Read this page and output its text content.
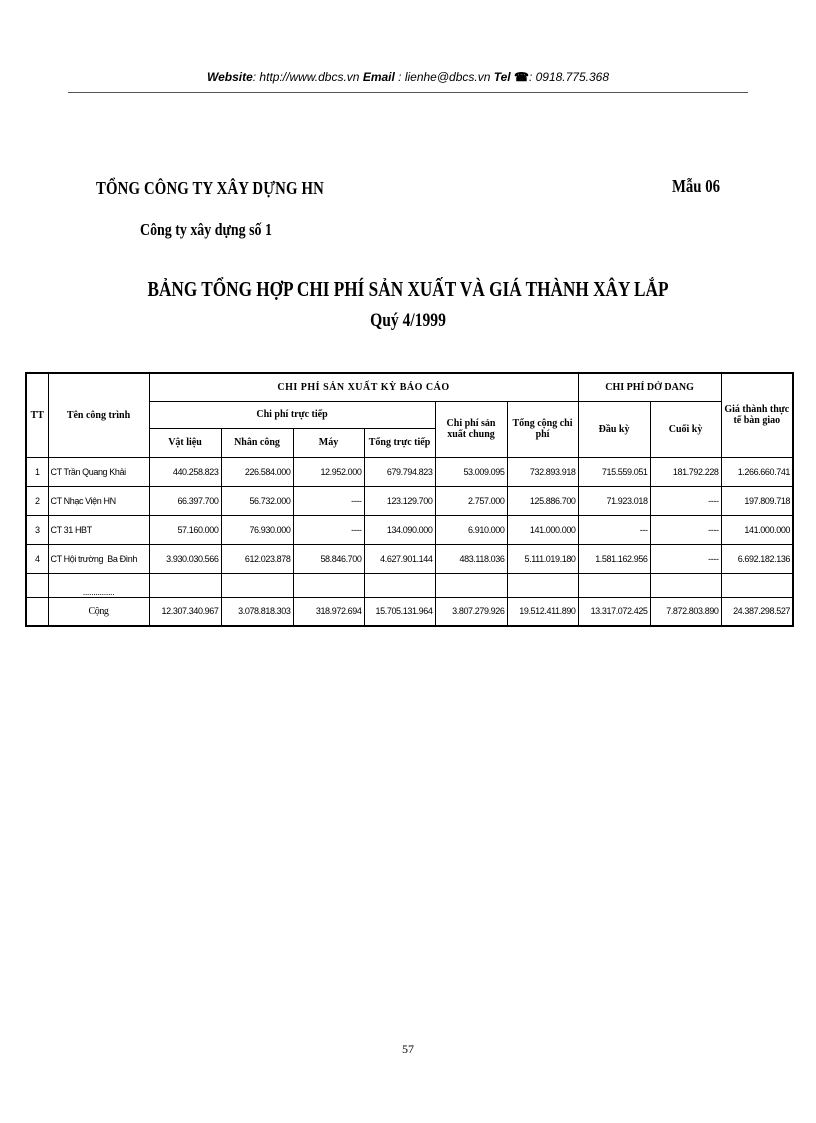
Website: http://www.dbcs.vn Email : lienhe@dbcs.vn Tel ☎: 0918.775.368
TỔNG CÔNG TY XÂY DỰNG HN
Công ty xây dựng số 1
Mẫu 06
BẢNG TỔNG HỢP CHI PHÍ SẢN XUẤT VÀ GIÁ THÀNH XÂY LẮP
Quý 4/1999
TT	Tên công trình	CHI PHÍ SẢN XUẤT KỲ BÁO CÁO						CHI PHÍ DỞ DANG		Giá thành thực tế bàn giao
		Chi phí trực tiếp				Chi phí sản xuất chung	Tổng cộng chi phí	Đầu kỳ	Cuối kỳ	
		Vật liệu	Nhân công	Máy	Tổng trực tiếp					
1	CT Trần Quang Khải	440.258.823	226.584.000	12.952.000	679.794.823	53.009.095	732.893.918	715.559.051	181.792.228	1.266.660.741
2	CT Nhạc Viện HN	66.397.700	56.732.000	----	123.129.700	2.757.000	125.886.700	71.923.018	----	197.809.718
3	CT 31 HBT	57.160.000	76.930.000	----	134.090.000	6.910.000	141.000.000	---	----	141.000.000
4	CT Hội trường  Ba Đình	3.930.030.566	612.023.878	58.846.700	4.627.901.144	483.118.036	5.111.019.180	1.581.162.956	----	6.692.182.136
	...............									
	Cộng	12.307.340.967	3.078.818.303	318.972.694	15.705.131.964	3.807.279.926	19.512.411.890	13.317.072.425	7.872.803.890	24.387.298.527
57
